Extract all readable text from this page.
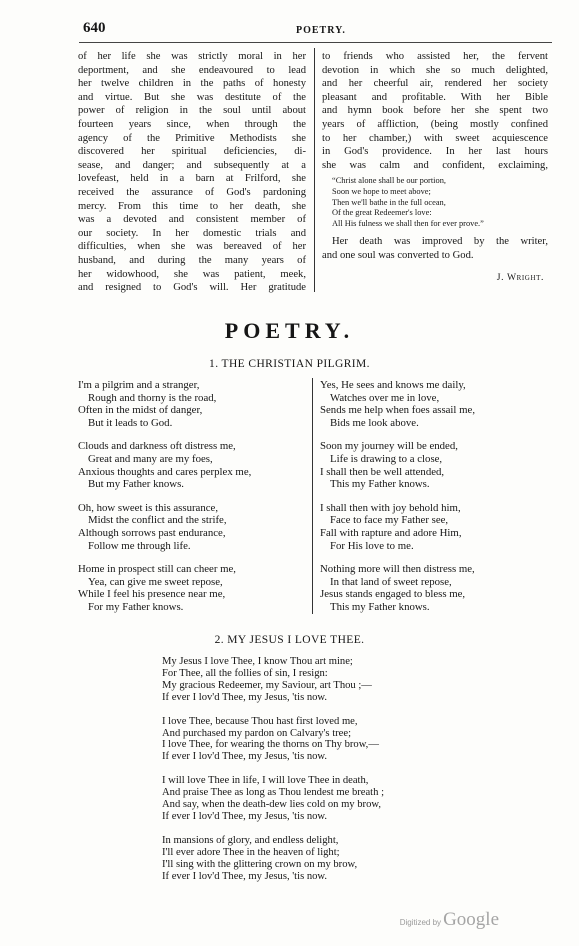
640	POETRY.
of her life she was strictly moral in her
deportment, and she endeavoured to lead
her twelve children in the paths of honesty
and virtue. But she was destitute of the
power of religion in the soul until about
fourteen years since, when through the
agency of the Primitive Methodists she
discovered her spiritual deficiencies, di-
sease, and danger; and subsequently at a
lovefeast, held in a barn at Frilford, she
received the assurance of God's pardoning
mercy. From this time to her death, she
was a devoted and consistent member of
our society. In her domestic trials and
difficulties, when she was bereaved of her
husband, and during the many years of
her widowhood, she was patient, meek,
and resigned to God's will. Her gratitude
to friends who assisted her, the fervent
devotion in which she so much delighted,
and her cheerful air, rendered her society
pleasant and profitable. With her Bible
and hymn book before her she spent two
years of affliction, (being mostly confined
to her chamber,) with sweet acquiescence
in God's providence. In her last hours
she was calm and confident, exclaiming,
“Christ alone shall be our portion,
Soon we hope to meet above;
Then we'll bathe in the full ocean,
Of the great Redeemer's love:
All His fulness we shall then for ever prove.”
Her death was improved by the writer,
and one soul was converted to God.
J. Wright.
POETRY.
1. THE CHRISTIAN PILGRIM.
I'm a pilgrim and a stranger,
Rough and thorny is the road,
Often in the midst of danger,
But it leads to God.
Clouds and darkness oft distress me,
Great and many are my foes,
Anxious thoughts and cares perplex me,
But my Father knows.
Oh, how sweet is this assurance,
Midst the conflict and the strife,
Although sorrows past endurance,
Follow me through life.
Home in prospect still can cheer me,
Yea, can give me sweet repose,
While I feel his presence near me,
For my Father knows.
Yes, He sees and knows me daily,
Watches over me in love,
Sends me help when foes assail me,
Bids me look above.
Soon my journey will be ended,
Life is drawing to a close,
I shall then be well attended,
This my Father knows.
I shall then with joy behold him,
Face to face my Father see,
Fall with rapture and adore Him,
For His love to me.
Nothing more will then distress me,
In that land of sweet repose,
Jesus stands engaged to bless me,
This my Father knows.
2. MY JESUS I LOVE THEE.
My Jesus I love Thee, I know Thou art mine;
For Thee, all the follies of sin, I resign:
My gracious Redeemer, my Saviour, art Thou ;—
If ever I lov'd Thee, my Jesus, 'tis now.
I love Thee, because Thou hast first loved me,
And purchased my pardon on Calvary's tree;
I love Thee, for wearing the thorns on Thy brow,—
If ever I lov'd Thee, my Jesus, 'tis now.
I will love Thee in life, I will love Thee in death,
And praise Thee as long as Thou lendest me breath ;
And say, when the death-dew lies cold on my brow,
If ever I lov'd Thee, my Jesus, 'tis now.
In mansions of glory, and endless delight,
I'll ever adore Thee in the heaven of light;
I'll sing with the glittering crown on my brow,
If ever I lov'd Thee, my Jesus, 'tis now.
Digitized by Google
